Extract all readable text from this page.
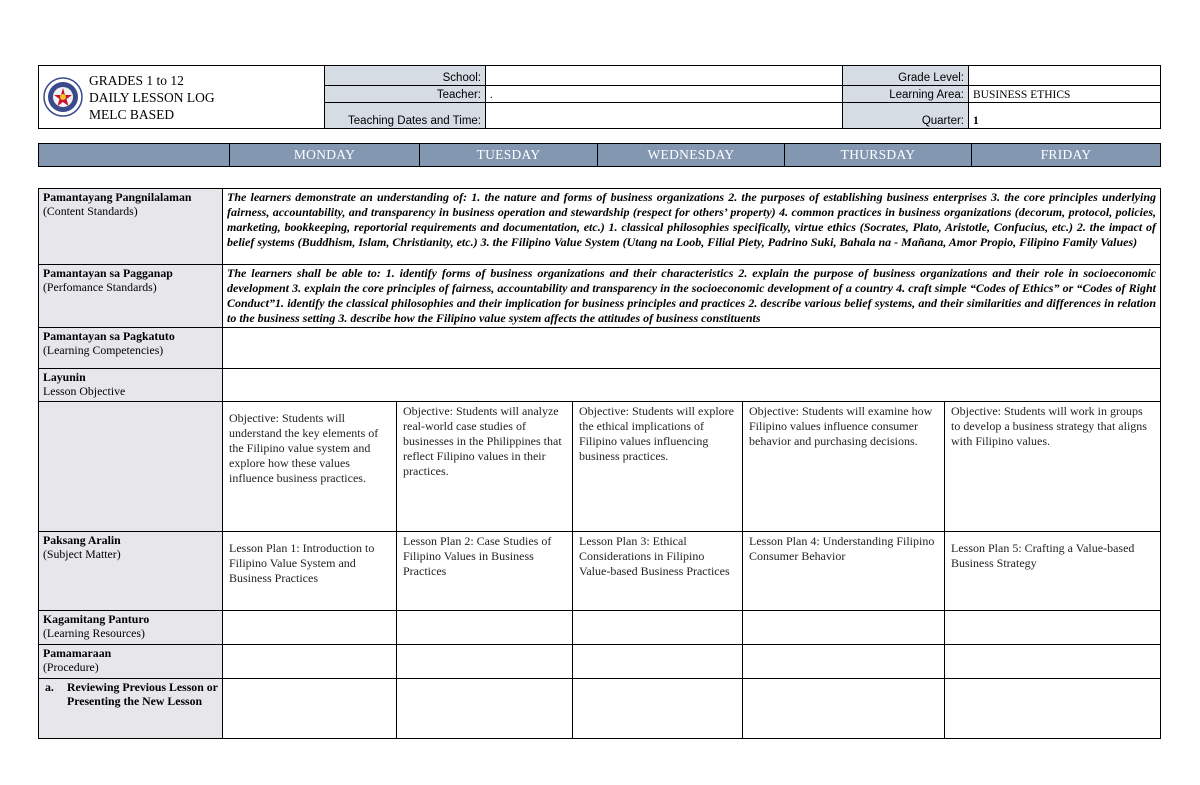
GRADES 1 to 12
DAILY LESSON LOG
MELC BASED	School:		Grade Level:	
	Teacher:	.	Learning Area:	BUSINESS ETHICS
	Teaching Dates and Time:		Quarter:	1
	MONDAY	TUESDAY	WEDNESDAY	THURSDAY	FRIDAY
Pamantayang Pangnilalaman
(Content Standards)	The learners demonstrate an understanding of: 1. the nature and forms of business organizations 2. the purposes of establishing business enterprises 3. the core principles underlying fairness, accountability, and transparency in business operation and stewardship (respect for others’ property) 4. common practices in business organizations (decorum, protocol, policies, marketing, bookkeeping, reportorial requirements and documentation, etc.) 1. classical philosophies specifically, virtue ethics (Socrates, Plato, Aristotle, Confucius, etc.) 2. the impact of belief systems (Buddhism, Islam, Christianity, etc.) 3. the Filipino Value System (Utang na Loob, Filial Piety, Padrino Suki, Bahala na - Mañana, Amor Propio, Filipino Family Values)				

Pamantayan sa Pagganap
(Perfomance Standards)	The learners shall be able to: 1. identify forms of business organizations and their characteristics 2. explain the purpose of business organizations and their role in socioeconomic development 3. explain the core principles of fairness, accountability and transparency in the socioeconomic development of a country 4. craft simple “Codes of Ethics” or “Codes of Right Conduct”1. identify the classical philosophies and their implication for business principles and practices 2. describe various belief systems, and their similarities and differences in relation to the business setting 3. describe how the Filipino value system affects the attitudes of business constituents				

Pamantayan sa Pagkatuto
(Learning Competencies)					

Layunin
Lesson Objective					

	Objective: Students will understand the key elements of the Filipino value system and explore how these values influence business practices.	Objective: Students will analyze real-world case studies of businesses in the Philippines that reflect Filipino values in their practices.	Objective: Students will explore the ethical implications of Filipino values influencing business practices.	Objective: Students will examine how Filipino values influence consumer behavior and purchasing decisions.	Objective: Students will work in groups to develop a business strategy that aligns with Filipino values.

Paksang Aralin
(Subject Matter)	Lesson Plan 1: Introduction to Filipino Value System and Business Practices	Lesson Plan 2: Case Studies of Filipino Values in Business Practices	Lesson Plan 3: Ethical Considerations in Filipino Value-based Business Practices	Lesson Plan 4: Understanding Filipino Consumer Behavior	Lesson Plan 5: Crafting a Value-based Business Strategy

Kagamitang Panturo
(Learning Resources)					

Pamamaraan
(Procedure)					

a. Reviewing Previous Lesson or Presenting the New Lesson					
